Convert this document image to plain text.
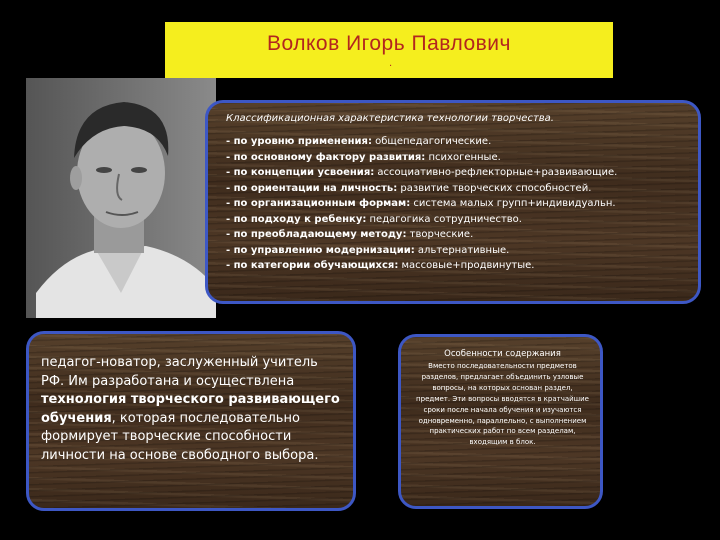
Волков Игорь Павлович
.
Классификационная характеристика технологии творчества.
- по уровню применения: общепедагогические.
- по основному фактору развития: психогенные.
- по концепции усвоения: ассоциативно-рефлекторные+развивающие.
- по ориентации на личность: развитие творческих способностей.
- по организационным формам: система малых групп+индивидуальн.
- по подходу к ребенку: педагогика сотрудничество.
- по преобладающему методу: творческие.
- по управлению модернизации: альтернативные.
- по категории обучающихся: массовые+продвинутые.

педагог-новатор, заслуженный учитель РФ. Им разработана и осуществлена технология творческого развивающего обучения, которая последовательно формирует творческие способности личности на основе свободного выбора.

Особенности содержания
Вместо последовательности предметов разделов, предлагает объединить узловые вопросы, на которых основан раздел, предмет. Эти вопросы вводятся в кратчайшие сроки после начала обучения и изучаются одновременно, параллельно, с выполнением практических работ по всем разделам, входящим в блок.
